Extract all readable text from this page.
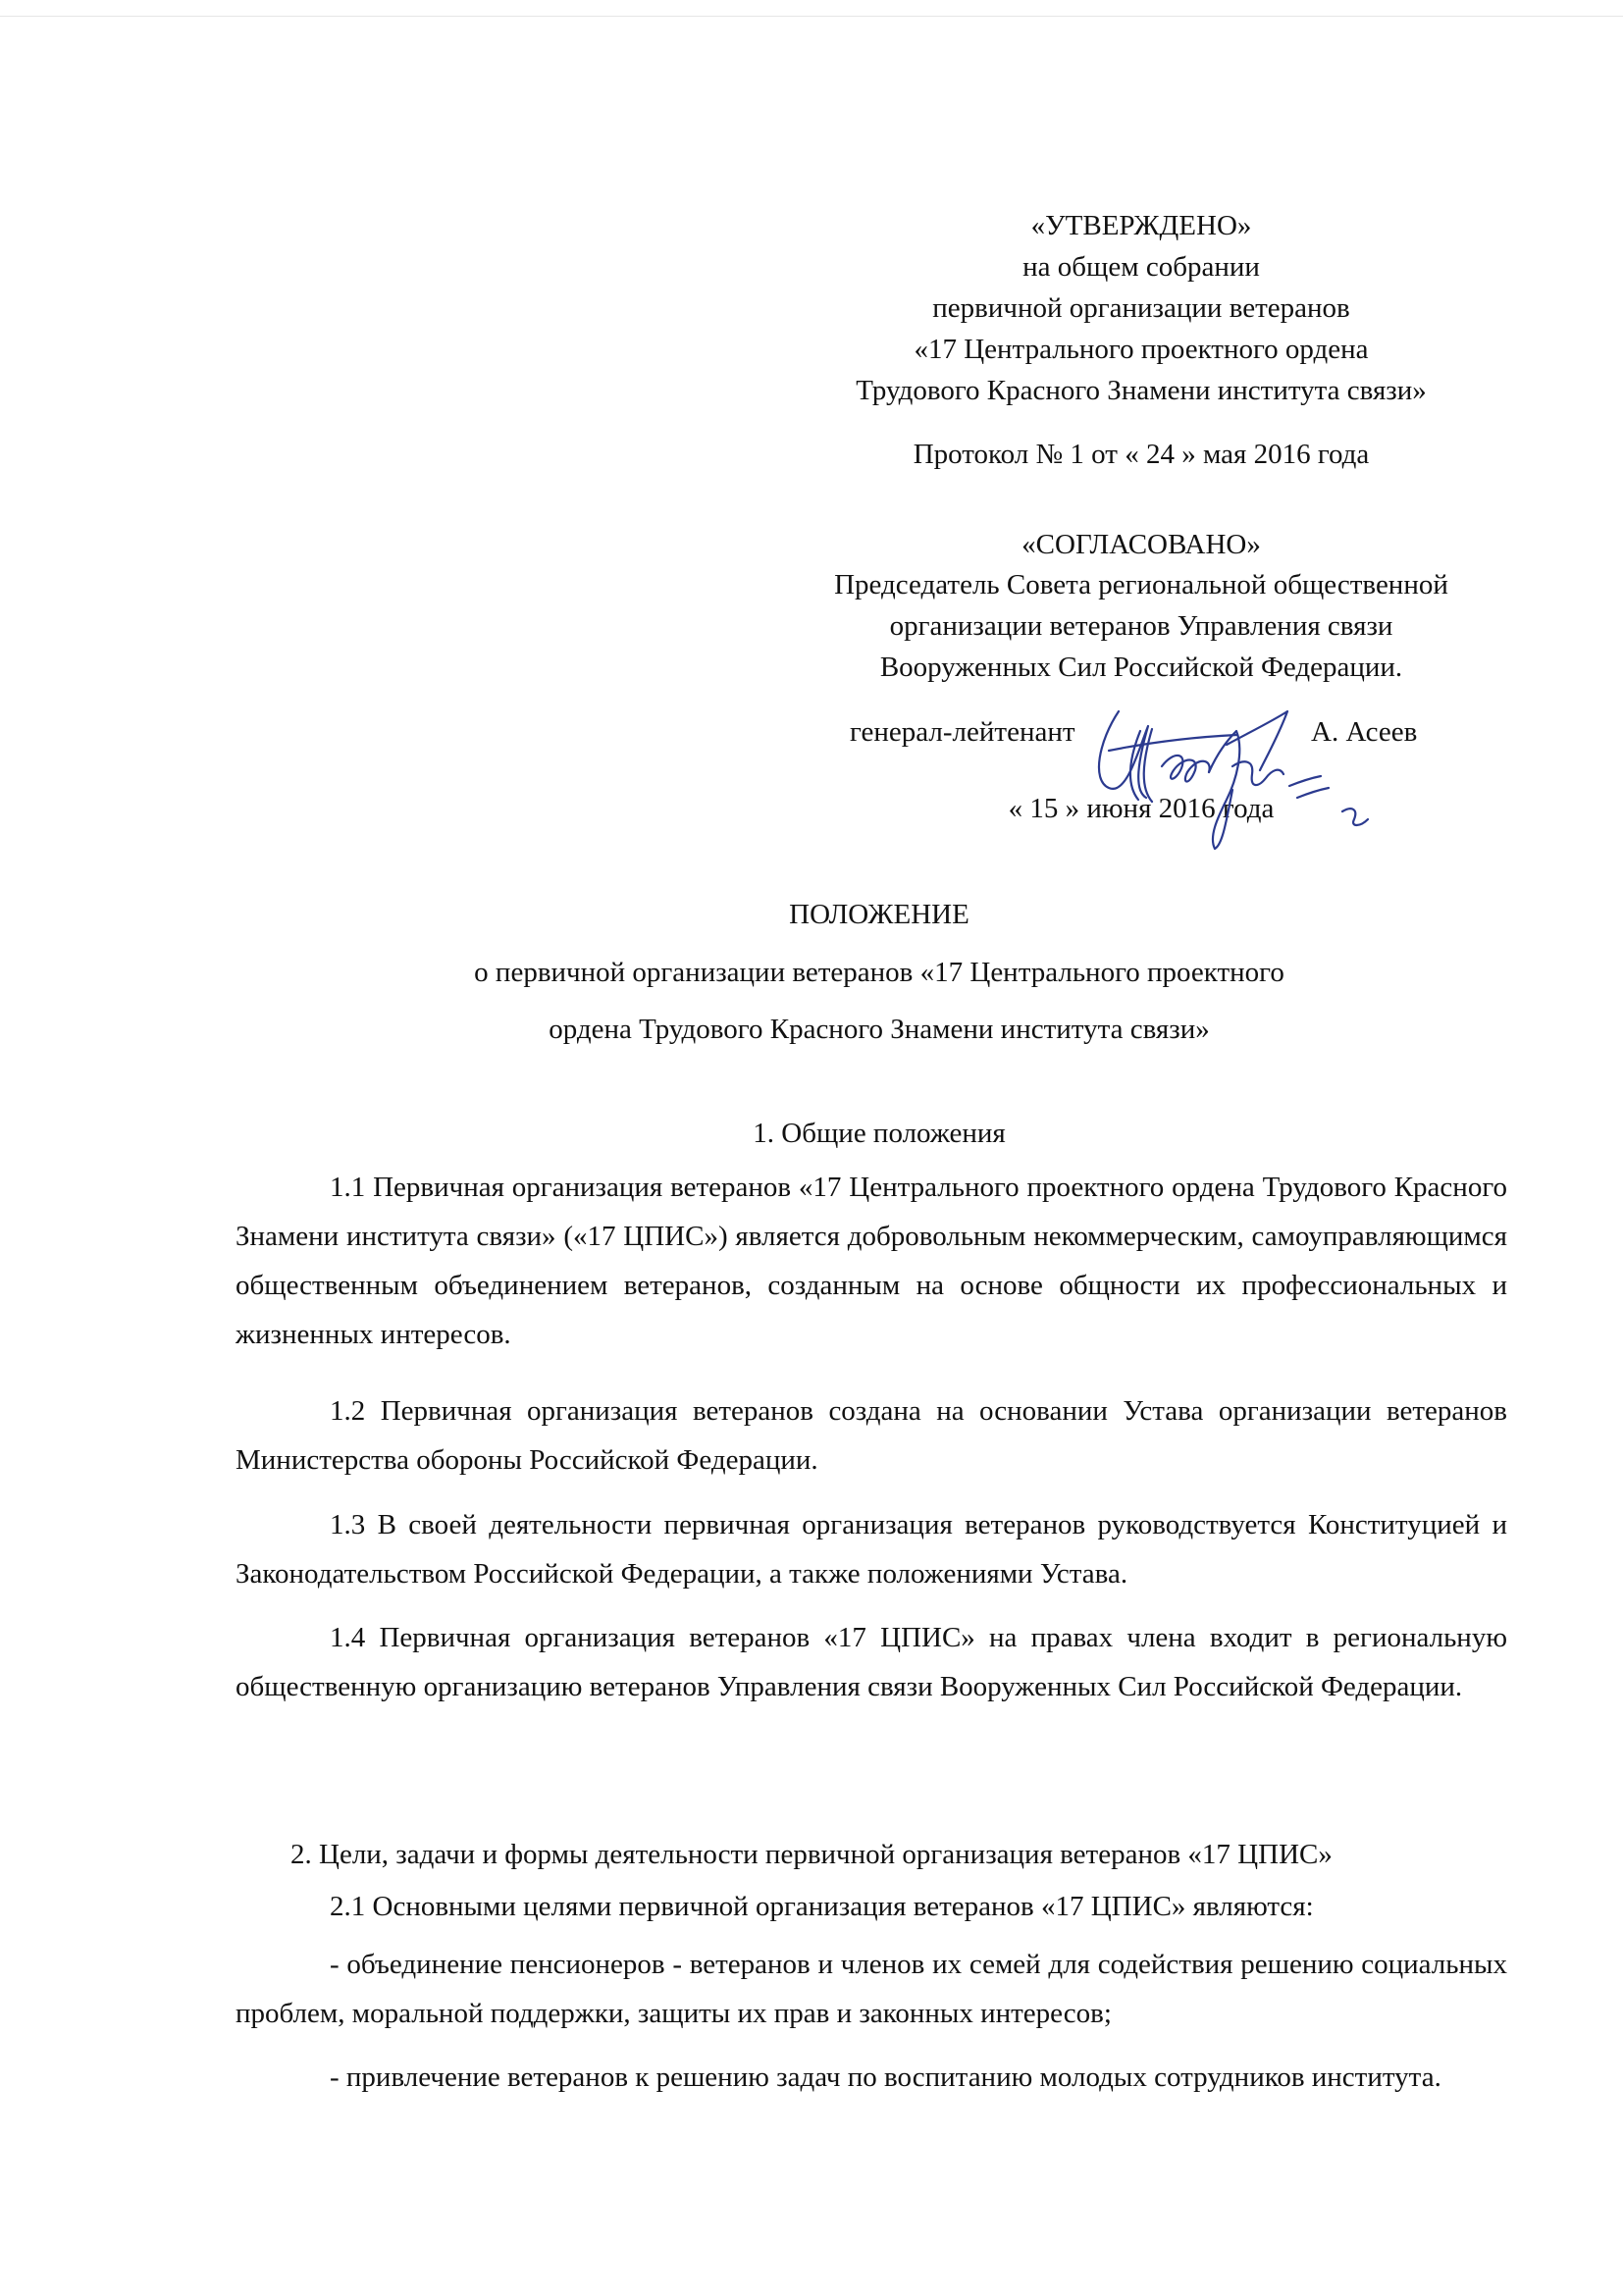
«УТВЕРЖДЕНО»
на общем собрании
первичной организации ветеранов
«17 Центрального проектного ордена
Трудового Красного Знамени института связи»
Протокол № 1 от « 24 » мая 2016 года
«СОГЛАСОВАНО»
Председатель Совета региональной общественной
организации ветеранов Управления связи
Вооруженных Сил Российской Федерации.
генерал-лейтенант	А. Асеев
« 15 » июня 2016 года
ПОЛОЖЕНИЕ
о первичной организации ветеранов «17 Центрального проектного
ордена Трудового Красного Знамени института связи»
1. Общие положения

1.1 Первичная организация ветеранов «17 Центрального проектного ордена Трудового Красного Знамени института связи» («17 ЦПИС») является добровольным некоммерческим, самоуправляющимся общественным объединением ветеранов, созданным на основе общности их профессиональных и жизненных интересов.

1.2 Первичная организация ветеранов создана на основании Устава организации ветеранов Министерства обороны Российской Федерации.

1.3 В своей деятельности первичная организация ветеранов руководствуется Конституцией и Законодательством Российской Федерации, а также положениями Устава.

1.4 Первичная организация ветеранов «17 ЦПИС» на правах члена входит в региональную общественную организацию ветеранов Управления связи Вооруженных Сил Российской Федерации.

2. Цели, задачи и формы деятельности первичной организация ветеранов «17 ЦПИС»

2.1 Основными целями первичной организация ветеранов «17 ЦПИС» являются:

- объединение пенсионеров - ветеранов и членов их семей для содействия решению социальных проблем, моральной поддержки, защиты их прав и законных интересов;

- привлечение ветеранов к решению задач по воспитанию молодых сотрудников института.
